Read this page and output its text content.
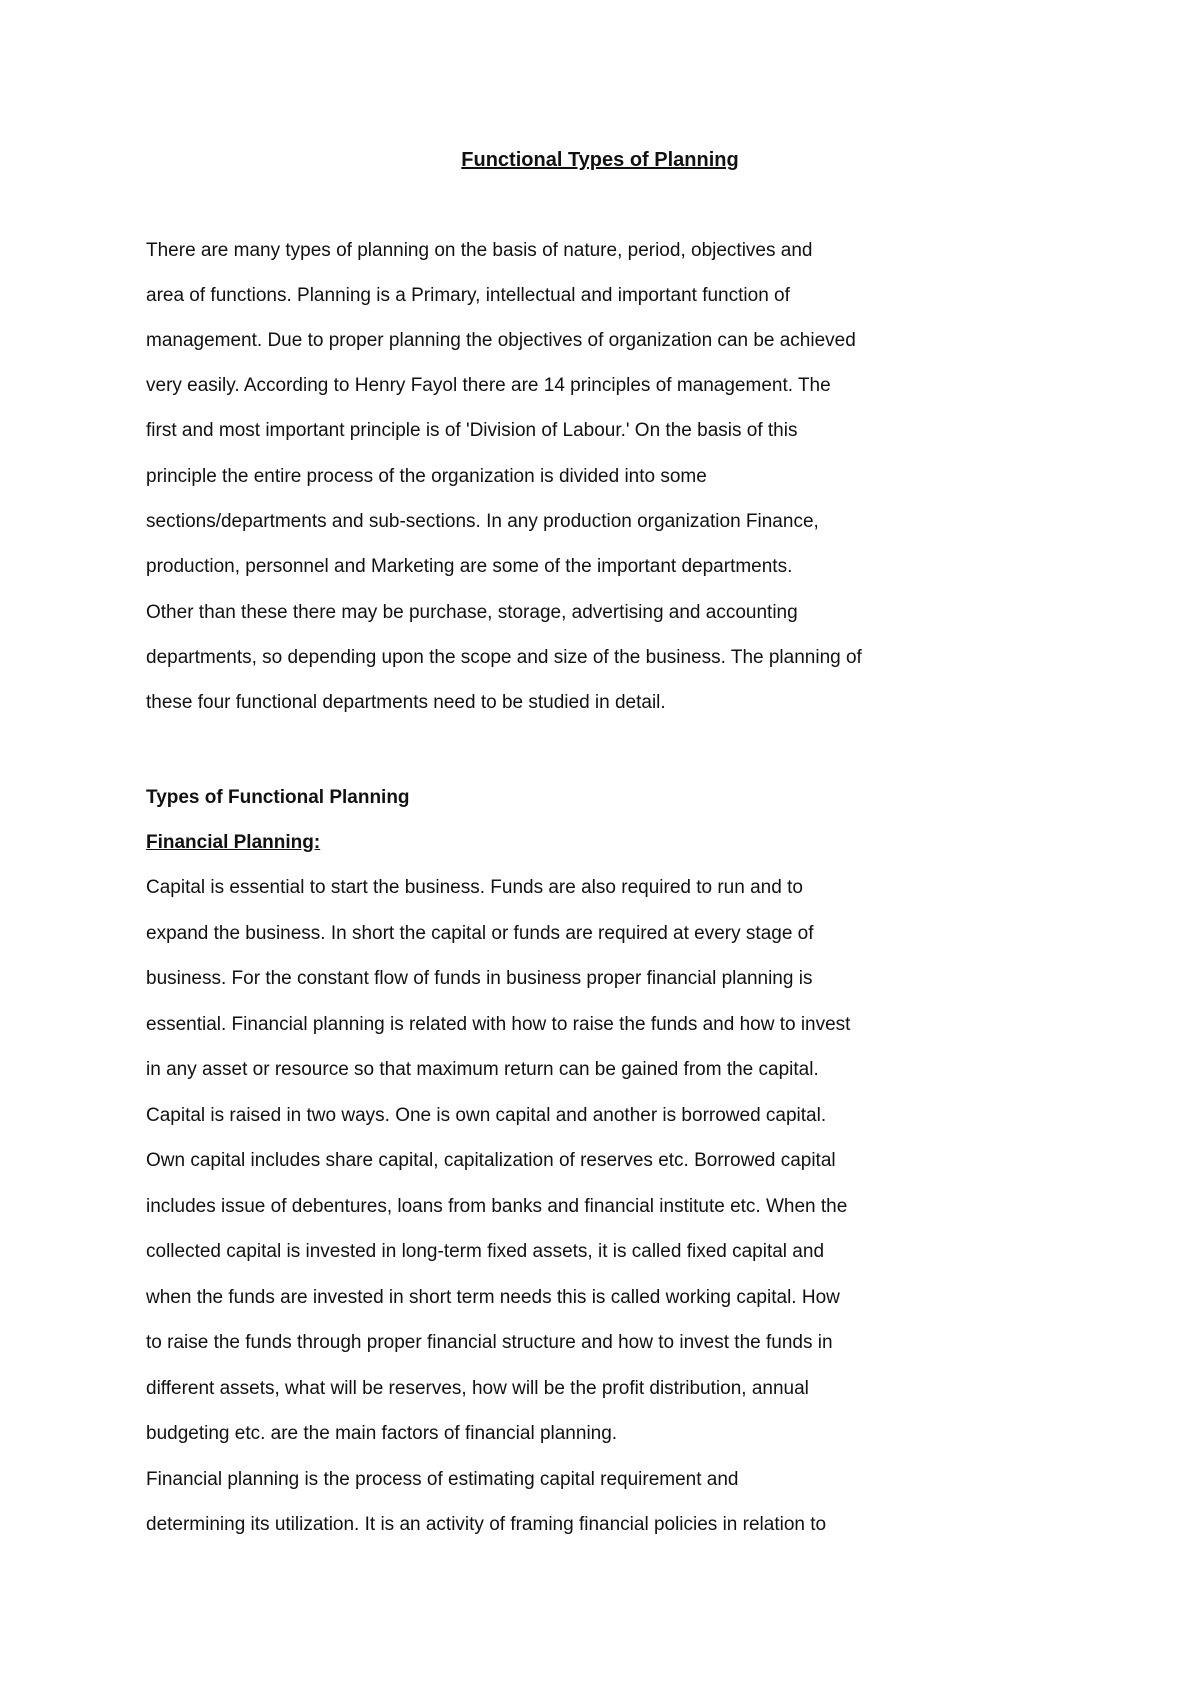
Functional Types of Planning
There are many types of planning on the basis of nature, period, objectives and
area of functions. Planning is a Primary, intellectual and important function of
management. Due to proper planning the objectives of organization can be achieved
very easily. According to Henry Fayol there are 14 principles of management. The
first and most important principle is of 'Division of Labour.' On the basis of this
principle the entire process of the organization is divided into some
sections/departments and sub-sections. In any production organization Finance,
production, personnel and Marketing are some of the important departments.
Other than these there may be purchase, storage, advertising and accounting
departments, so depending upon the scope and size of the business. The planning of
these four functional departments need to be studied in detail.
Types of Functional Planning
Financial Planning:
Capital is essential to start the business. Funds are also required to run and to
expand the business. In short the capital or funds are required at every stage of
business. For the constant flow of funds in business proper financial planning is
essential. Financial planning is related with how to raise the funds and how to invest
in any asset or resource so that maximum return can be gained from the capital.
Capital is raised in two ways. One is own capital and another is borrowed capital.
Own capital includes share capital, capitalization of reserves etc. Borrowed capital
includes issue of debentures, loans from banks and financial institute etc. When the
collected capital is invested in long-term fixed assets, it is called fixed capital and
when the funds are invested in short term needs this is called working capital. How
to raise the funds through proper financial structure and how to invest the funds in
different assets, what will be reserves, how will be the profit distribution, annual
budgeting etc. are the main factors of financial planning.
Financial planning is the process of estimating capital requirement and
determining its utilization. It is an activity of framing financial policies in relation to
